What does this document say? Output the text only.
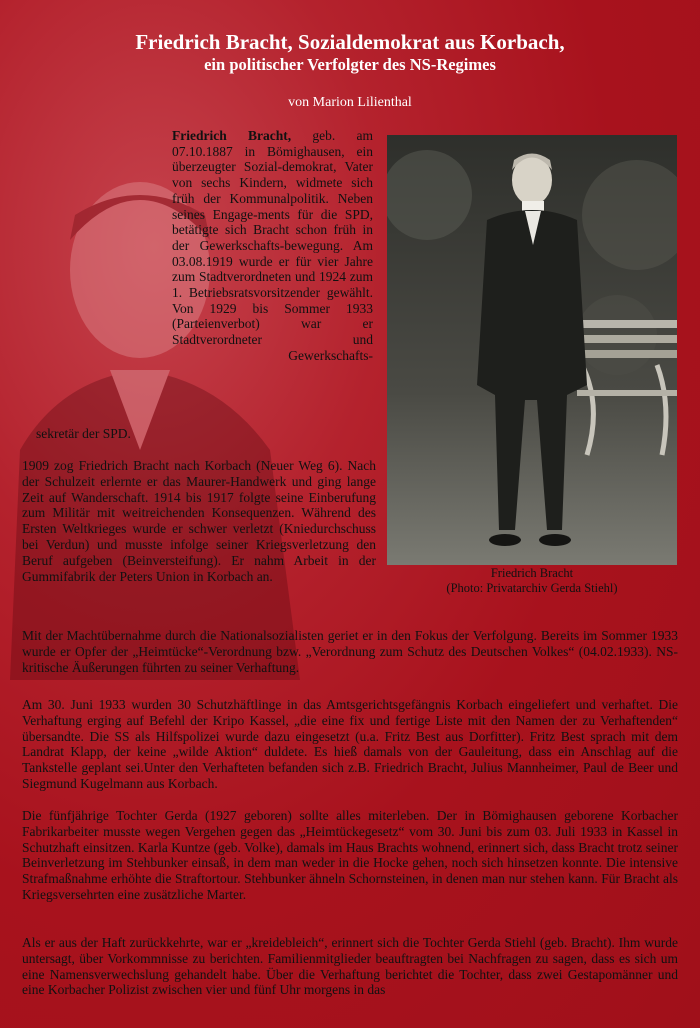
Friedrich Bracht, Sozialdemokrat aus Korbach,
ein politischer Verfolgter des NS-Regimes
von Marion Lilienthal
Friedrich Bracht, geb. am 07.10.1887 in Bömighausen, ein überzeugter Sozial-demokrat, Vater von sechs Kindern, widmete sich früh der Kommunalpolitik. Neben seines Engage-ments für die SPD, betätigte sich Bracht schon früh in der Gewerkschafts-bewegung. Am 03.08.1919 wurde er für vier Jahre zum Stadtverordneten und 1924 zum 1. Betriebsratsvorsitzender gewählt. Von 1929 bis Sommer 1933 (Parteienverbot) war er Stadtverordneter und Gewerkschafts-
sekretär der SPD.
Friedrich Bracht
(Photo: Privatarchiv Gerda Stiehl)
1909 zog Friedrich Bracht nach Korbach (Neuer Weg 6). Nach der Schulzeit erlernte er das Maurer-Handwerk und ging lange Zeit auf Wanderschaft. 1914 bis 1917 folgte seine Einberufung zum Militär mit weitreichenden Konsequenzen. Während des Ersten Weltkrieges wurde er schwer verletzt (Kniedurchschuss bei Verdun) und musste infolge seiner Kriegsverletzung den Beruf aufgeben (Beinversteifung). Er nahm Arbeit in der Gummifabrik der Peters Union in Korbach an.
Mit der Machtübernahme durch die Nationalsozialisten geriet er in den Fokus der Verfolgung. Bereits im Sommer 1933 wurde er Opfer der „Heimtücke“-Verordnung bzw. „Verordnung zum Schutz des Deutschen Volkes“ (04.02.1933). NS-kritische Äußerungen führten zu seiner Verhaftung.
Am 30. Juni 1933 wurden 30 Schutzhäftlinge in das Amtsgerichtsgefängnis Korbach eingeliefert und verhaftet. Die Verhaftung erging auf Befehl der Kripo Kassel, „die eine fix und fertige Liste mit den Namen der zu Verhaftenden“ übersandte. Die SS als Hilfspolizei wurde dazu eingesetzt (u.a. Fritz Best aus Dorfitter). Fritz Best sprach mit dem Landrat Klapp, der keine „wilde Aktion“ duldete. Es hieß damals von der Gauleitung, dass ein Anschlag auf die Tankstelle geplant sei.Unter den Verhafteten befanden sich z.B. Friedrich Bracht, Julius Mannheimer, Paul de Beer und Siegmund Kugelmann aus Korbach.
Die fünfjährige Tochter Gerda (1927 geboren) sollte alles miterleben. Der in Bömighausen geborene Korbacher Fabrikarbeiter musste wegen Vergehen gegen das „Heimtückegesetz“ vom 30. Juni bis zum 03. Juli 1933 in Kassel in Schutzhaft einsitzen. Karla Kuntze (geb. Volke), damals im Haus Brachts wohnend, erinnert sich, dass Bracht trotz seiner Beinverletzung im Stehbunker einsaß, in dem man weder in die Hocke gehen, noch sich hinsetzen konnte. Die intensive Strafmaßnahme erhöhte die Straftortour. Stehbunker ähneln Schornsteinen, in denen man nur stehen kann. Für Bracht als Kriegsversehrten eine zusätzliche Marter.
Als er aus der Haft zurückkehrte, war er „kreidebleich“, erinnert sich die Tochter Gerda Stiehl (geb. Bracht). Ihm wurde untersagt, über Vorkommnisse zu berichten. Familienmitglieder beauftragten bei Nachfragen zu sagen, dass es sich um eine Namensverwechslung gehandelt habe. Über die Verhaftung berichtet die Tochter, dass zwei Gestapomänner und eine Korbacher Polizist zwischen vier und fünf Uhr morgens in das
